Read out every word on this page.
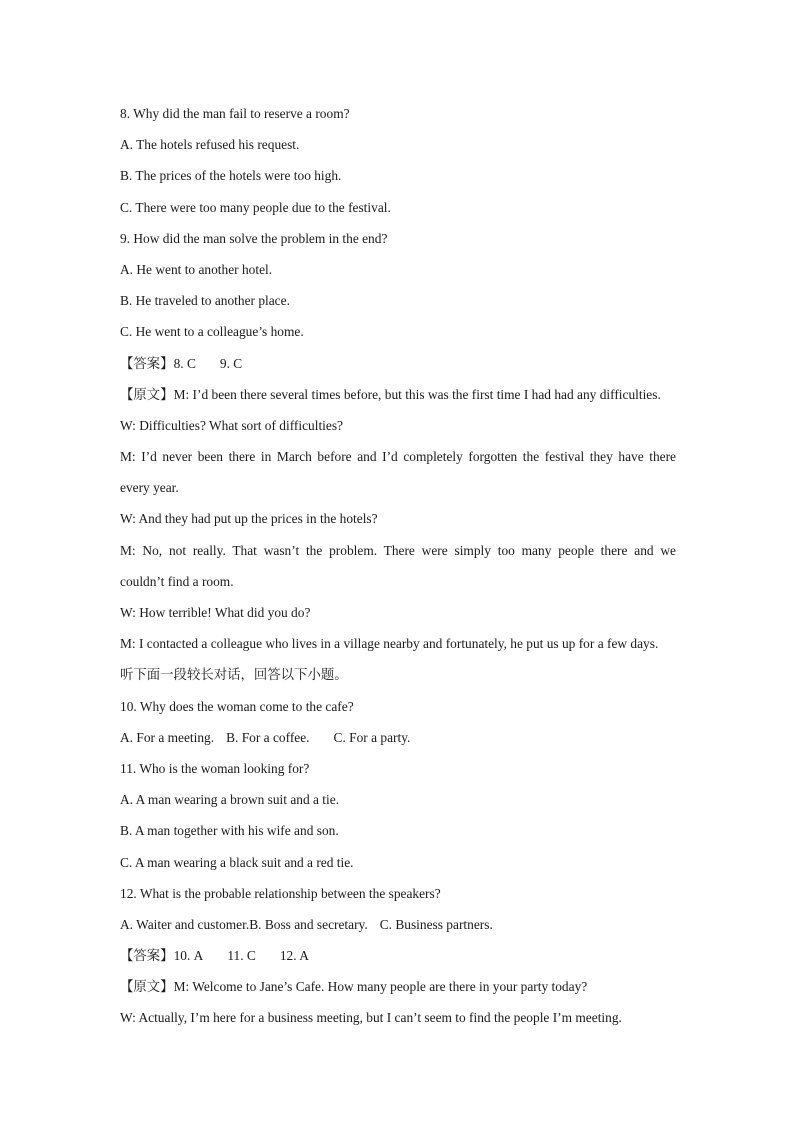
8. Why did the man fail to reserve a room?
A. The hotels refused his request.
B. The prices of the hotels were too high.
C. There were too many people due to the festival.
9. How did the man solve the problem in the end?
A. He went to another hotel.
B. He traveled to another place.
C. He went to a colleague’s home.
【答案】8. C 9. C
【原文】M: I’d been there several times before, but this was the first time I had had any difficulties.
W: Difficulties? What sort of difficulties?
M: I’d never been there in March before and I’d completely forgotten the festival they have there
every year.
W: And they had put up the prices in the hotels?
M: No, not really. That wasn’t the problem. There were simply too many people there and we
couldn’t find a room.
W: How terrible! What did you do?
M: I contacted a colleague who lives in a village nearby and fortunately, he put us up for a few days.
听下面一段较长对话，回答以下小题。
10. Why does the woman come to the cafe?
A. For a meeting. B. For a coffee. C. For a party.
11. Who is the woman looking for?
A. A man wearing a brown suit and a tie.
B. A man together with his wife and son.
C. A man wearing a black suit and a red tie.
12. What is the probable relationship between the speakers?
A. Waiter and customer.B. Boss and secretary. C. Business partners.
【答案】10. A 11. C 12. A
【原文】M: Welcome to Jane’s Cafe. How many people are there in your party today?
W: Actually, I’m here for a business meeting, but I can’t seem to find the people I’m meeting.
